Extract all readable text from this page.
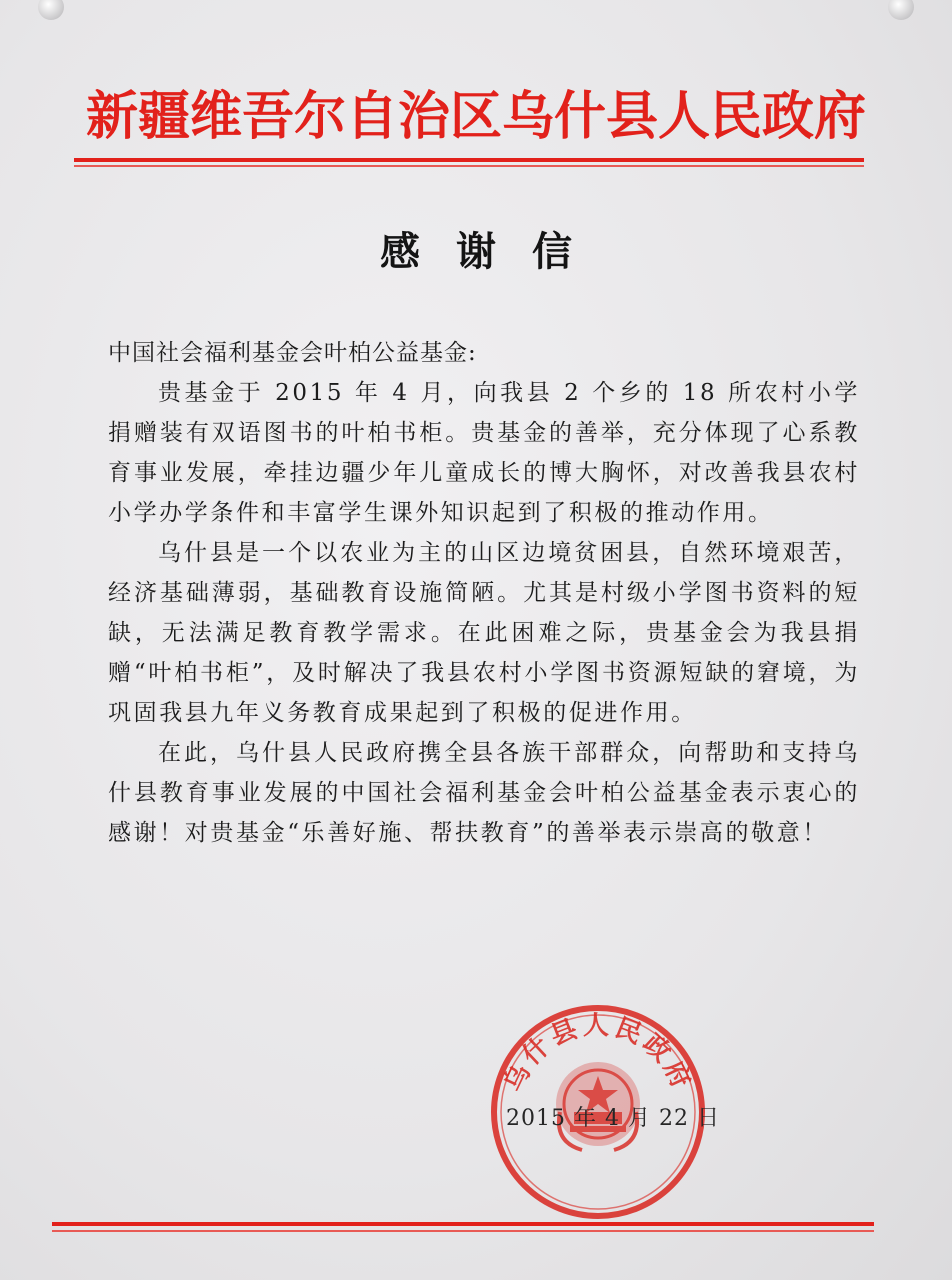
新疆维吾尔自治区乌什县人民政府
感谢信
中国社会福利基金会叶柏公益基金:

贵基金于 2015 年 4 月，向我县 2 个乡的 18 所农村小学捐赠装有双语图书的叶柏书柜。贵基金的善举，充分体现了心系教育事业发展，牵挂边疆少年儿童成长的博大胸怀，对改善我县农村小学办学条件和丰富学生课外知识起到了积极的推动作用。

乌什县是一个以农业为主的山区边境贫困县，自然环境艰苦，经济基础薄弱，基础教育设施简陋。尤其是村级小学图书资料的短缺，无法满足教育教学需求。在此困难之际，贵基金会为我县捐赠“叶柏书柜”，及时解决了我县农村小学图书资源短缺的窘境，为巩固我县九年义务教育成果起到了积极的促进作用。

在此，乌什县人民政府携全县各族干部群众，向帮助和支持乌什县教育事业发展的中国社会福利基金会叶柏公益基金表示衷心的感谢！对贵基金“乐善好施、帮扶教育”的善举表示崇高的敬意！

乌什县人民政府
2015 年 4 月 22 日
